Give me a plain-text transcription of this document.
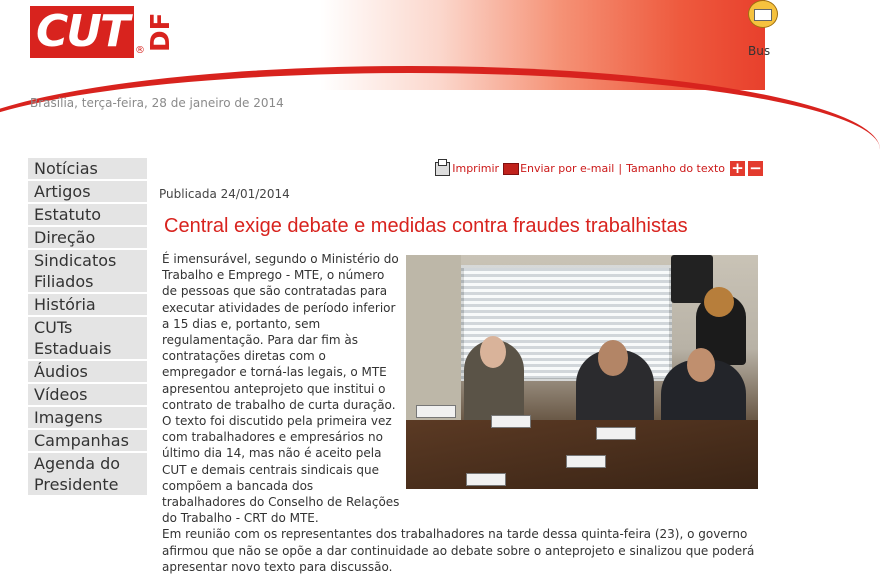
CUT ® DF	Bus
Brasília, terça-feira, 28 de janeiro de 2014
Notícias
Artigos
Estatuto
Direção
Sindicatos Filiados
História
CUTs Estaduais
Áudios
Vídeos
Imagens
Campanhas
Agenda do Presidente
Imprimir Enviar por e-mail | Tamanho do texto + −
Publicada 24/01/2014
Central exige debate e medidas contra fraudes trabalhistas

É imensurável, segundo o Ministério do Trabalho e Emprego - MTE, o número de pessoas que são contratadas para executar atividades de período inferior a 15 dias e, portanto, sem regulamentação. Para dar fim às contratações diretas com o empregador e torná-las legais, o MTE apresentou anteprojeto que institui o contrato de trabalho de curta duração. O texto foi discutido pela primeira vez com trabalhadores e empresários no último dia 14, mas não é aceito pela CUT e demais centrais sindicais que compõem a bancada dos trabalhadores do Conselho de Relações do Trabalho - CRT do MTE.

Em reunião com os representantes dos trabalhadores na tarde dessa quinta-feira (23), o governo afirmou que não se opõe a dar continuidade ao debate sobre o anteprojeto e sinalizou que poderá apresentar novo texto para discussão.
